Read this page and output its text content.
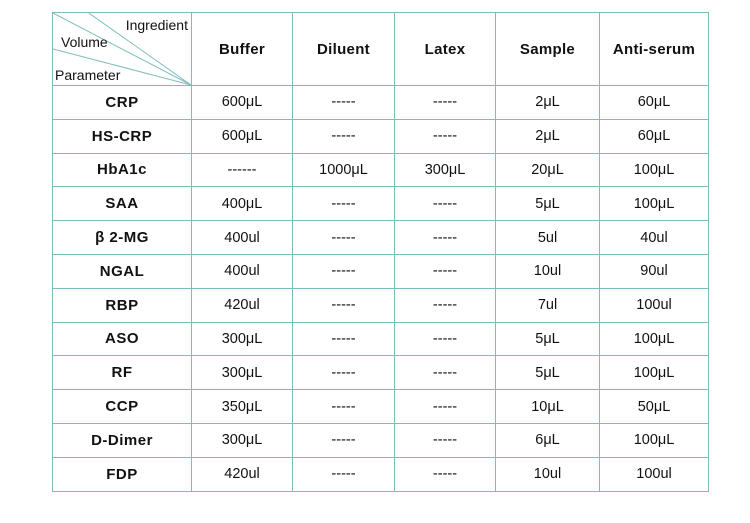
Ingredient
Volume
Parameter	Buffer	Diluent	Latex	Sample	Anti-serum
CRP	600μL	-----	-----	2μL	60μL
HS-CRP	600μL	-----	-----	2μL	60μL
HbA1c	------	1000μL	300μL	20μL	100μL
SAA	400μL	-----	-----	5μL	100μL
β 2-MG	400ul	-----	-----	5ul	40ul
NGAL	400ul	-----	-----	10ul	90ul
RBP	420ul	-----	-----	7ul	100ul
ASO	300μL	-----	-----	5μL	100μL
RF	300μL	-----	-----	5μL	100μL
CCP	350μL	-----	-----	10μL	50μL
D-Dimer	300μL	-----	-----	6μL	100μL
FDP	420ul	-----	-----	10ul	100ul
